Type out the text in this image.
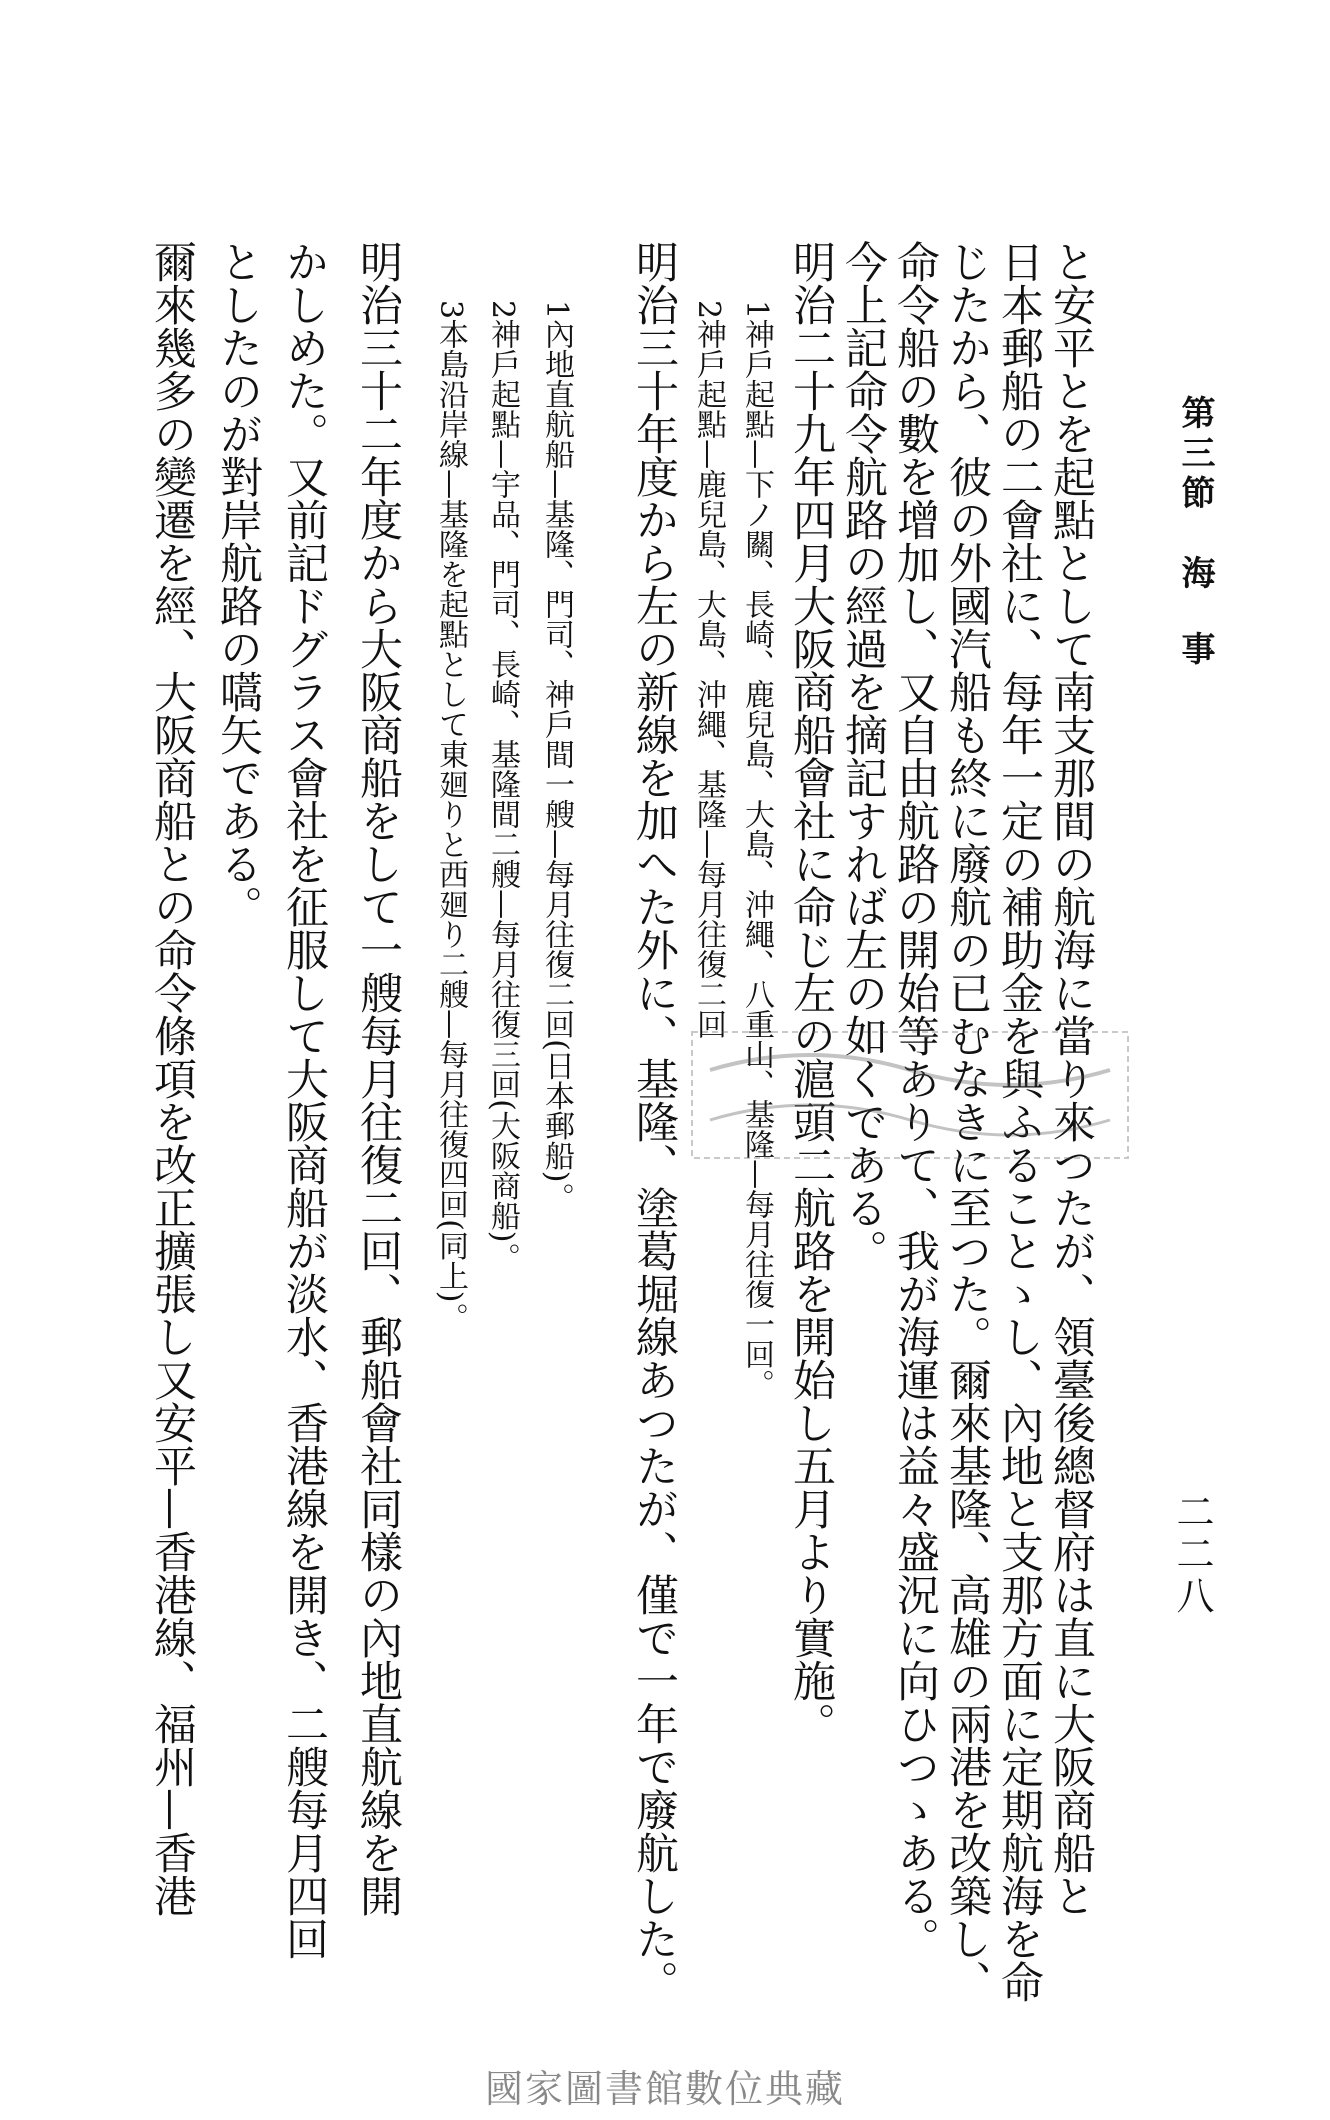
第三節
海事
二二八
と安平とを起點として南支那間の航海に當り來つたが、領臺後總督府は直に大阪商船と
日本郵船の二會社に、每年一定の補助金を與ふることゝし、內地と支那方面に定期航海を命
じたから、彼の外國汽船も終に廢航の已むなきに至つた。爾來基隆、高雄の兩港を改築し、
命令船の數を增加し、又自由航路の開始等ありて、我が海運は益々盛況に向ひつゝある。
今上記命令航路の經過を摘記すれば左の如くである。
明治二十九年四月大阪商船會社に命じ左の滬頭二航路を開始し五月より實施。
1神戶起點—下ノ關、長崎、鹿兒島、大島、沖繩、八重山、基隆—每月往復一回。
2神戶起點—鹿兒島、大島、沖繩、基隆—每月往復二回
明治三十年度から左の新線を加へた外に、基隆、塗葛堀線あつたが、僅で一年で廢航した。
1內地直航船—基隆、門司、神戶間一艘—每月往復二回(日本郵船)。
2神戶起點—宇品、門司、長崎、基隆間二艘—每月往復三回(大阪商船)。
3本島沿岸線—基隆を起點として東廻りと西廻り二艘—每月往復四回(同上)。
明治三十二年度から大阪商船をして一艘每月往復二回、郵船會社同樣の內地直航線を開
かしめた。又前記ドグラス會社を征服して大阪商船が淡水、香港線を開き、二艘每月四回
としたのが對岸航路の嚆矢である。
爾來幾多の變遷を經、大阪商船との命令條項を改正擴張し又安平—香港線、福州—香港
國家圖書館數位典藏
